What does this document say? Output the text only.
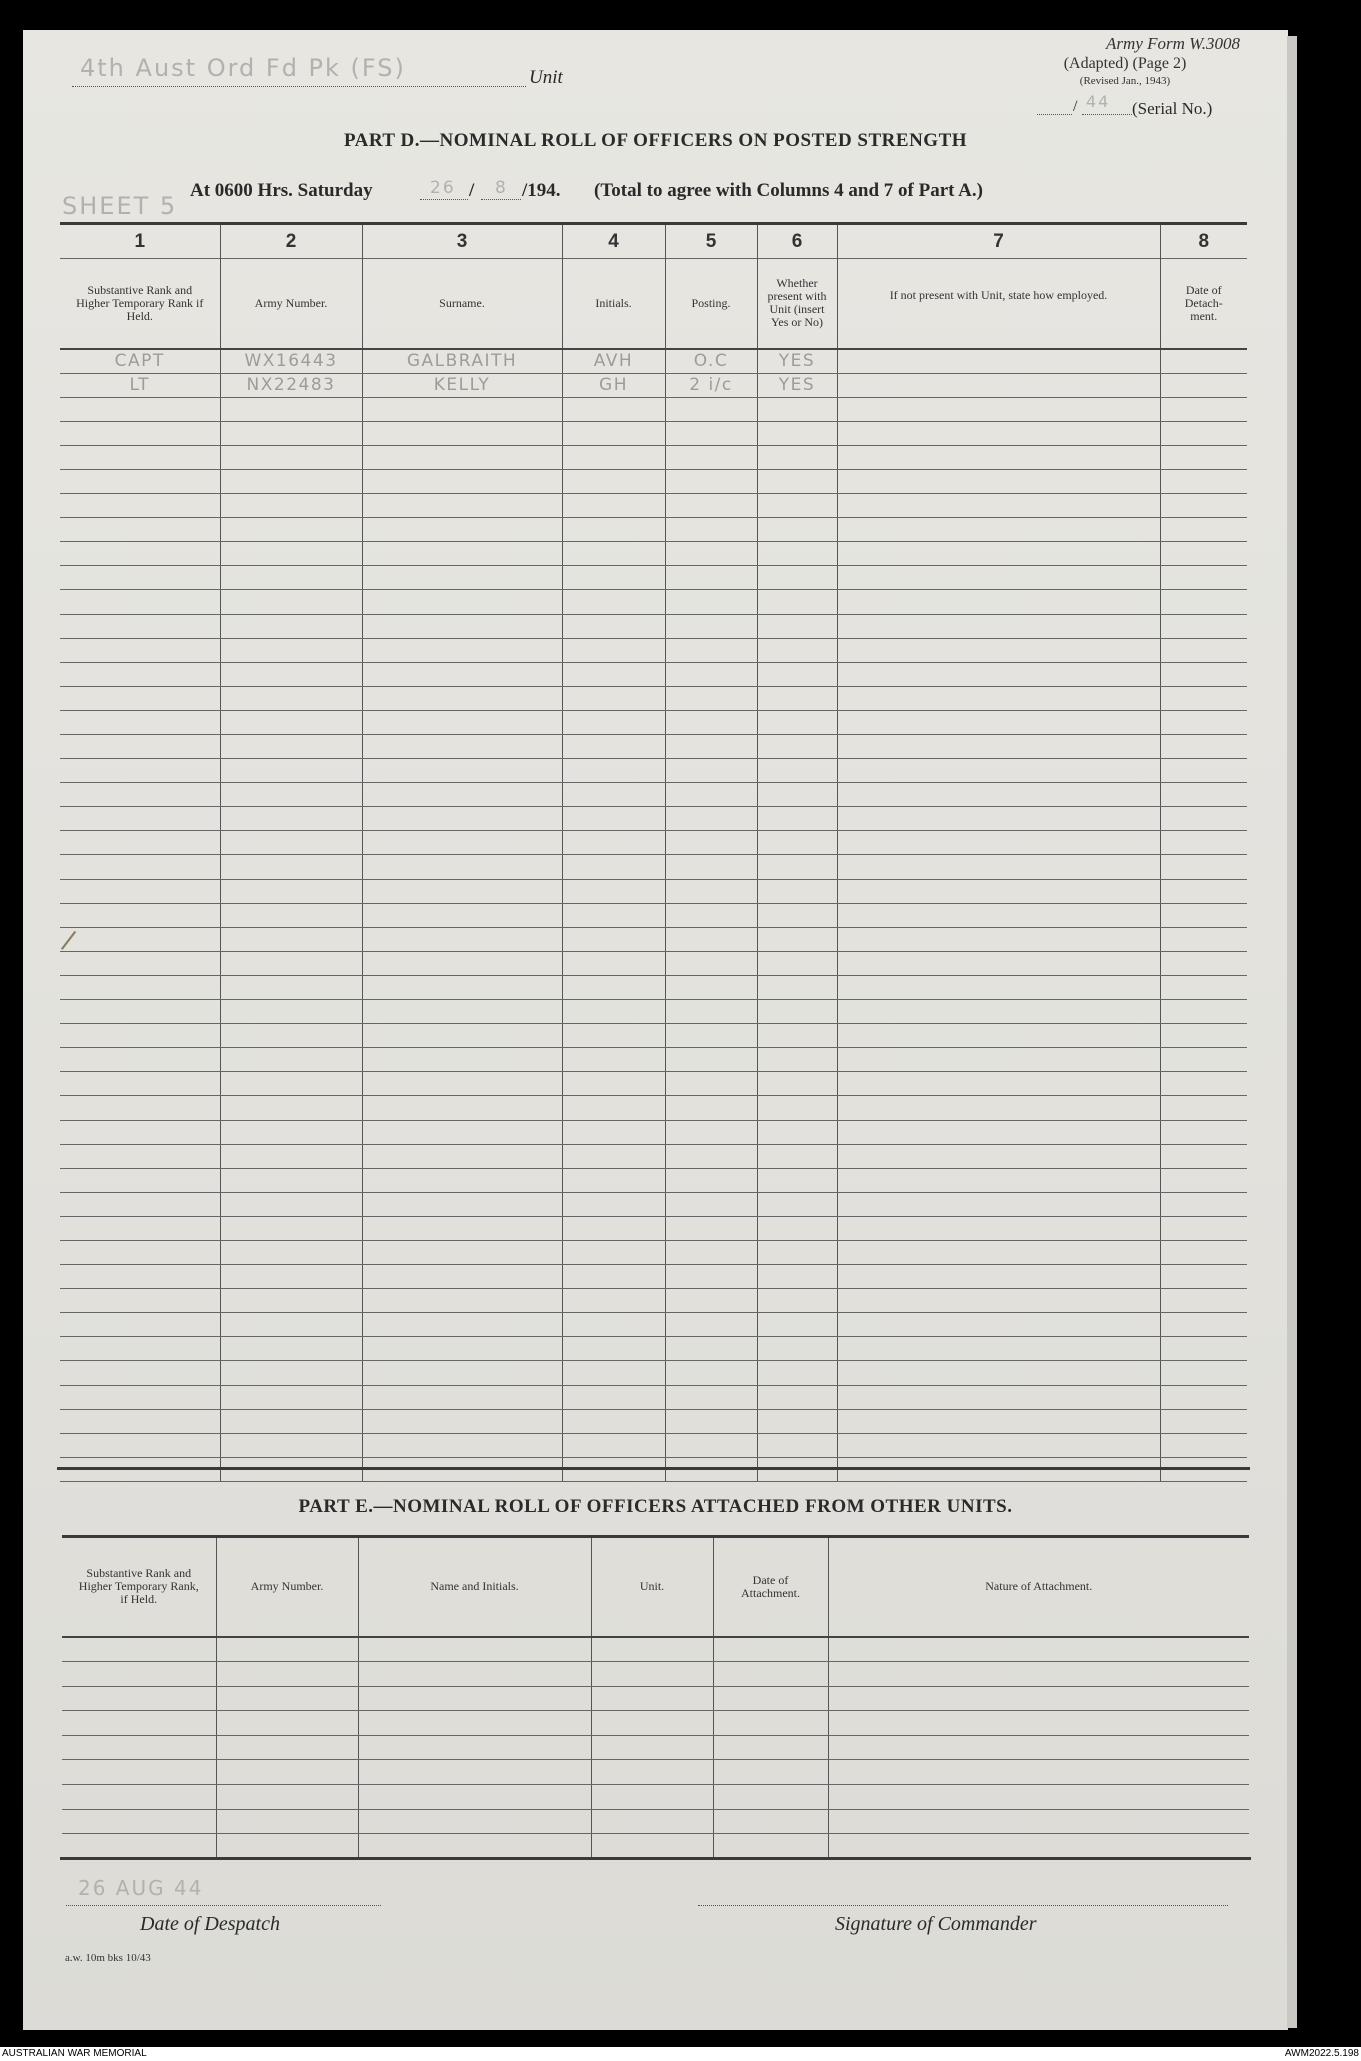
Army Form W.3008
(Adapted) (Page 2)
(Revised Jan., 1943)
44
/	(Serial No.)
4th Aust Ord Fd Pk (FS)	Unit
PART D.—NOMINAL ROLL OF OFFICERS ON POSTED STRENGTH
SHEET 5
At 0600 Hrs. Saturday	26 / 8 /194. (Total to agree with Columns 4 and 7 of Part A.)
1	2	3	4	5	6	7	8
Substantive Rank and Higher Temporary Rank if Held.	Army Number.	Surname.	Initials.	Posting.	Whether present with Unit (insert Yes or No)	If not present with Unit, state how employed.	Date of Detach-ment.
CAPT	WX16443	GALBRAITH	AVH	O.C	YES		
LT	NX22483	KELLY	GH	2 i/c	YES		

/
PART E.—NOMINAL ROLL OF OFFICERS ATTACHED FROM OTHER UNITS.
Substantive Rank and Higher Temporary Rank, if Held.	Army Number.	Name and Initials.	Unit.	Date of Attachment.	Nature of Attachment.

26 AUG 44
Date of Despatch	Signature of Commander
a.w. 10m bks 10/43
AUSTRALIAN WAR MEMORIAL	AWM2022.5.198
